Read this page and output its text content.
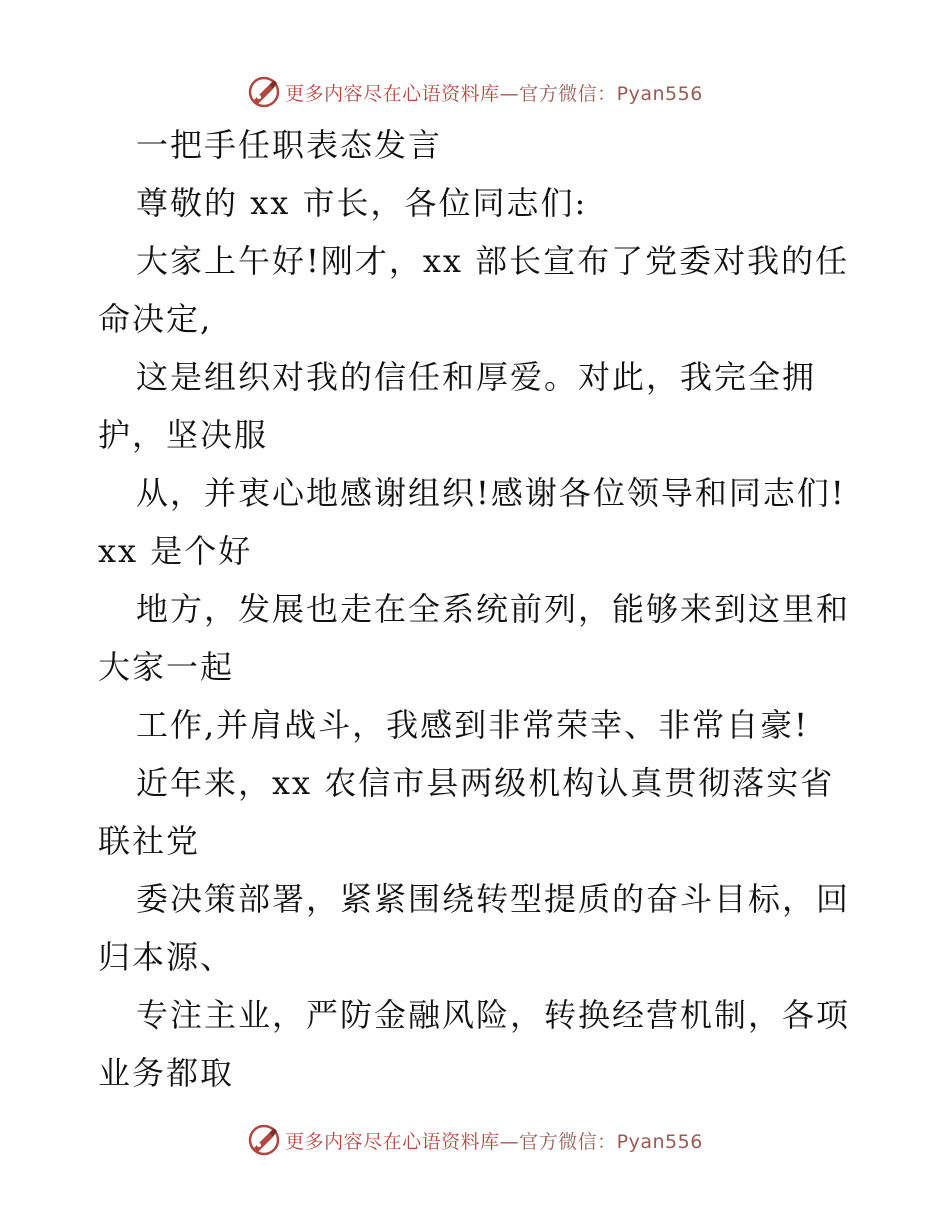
更多内容尽在心语资料库—官方微信：Pyan556
一把手任职表态发言
尊敬的 xx 市长，各位同志们:
大家上午好!刚才，xx 部长宣布了党委对我的任
命决定,
这是组织对我的信任和厚爱。对此，我完全拥
护，坚决服
从，并衷心地感谢组织!感谢各位领导和同志们!
xx 是个好
地方，发展也走在全系统前列，能够来到这里和
大家一起
工作,并肩战斗，我感到非常荣幸、非常自豪!
近年来，xx 农信市县两级机构认真贯彻落实省
联社党
委决策部署，紧紧围绕转型提质的奋斗目标，回
归本源、
专注主业，严防金融风险，转换经营机制，各项
业务都取
更多内容尽在心语资料库—官方微信：Pyan556
